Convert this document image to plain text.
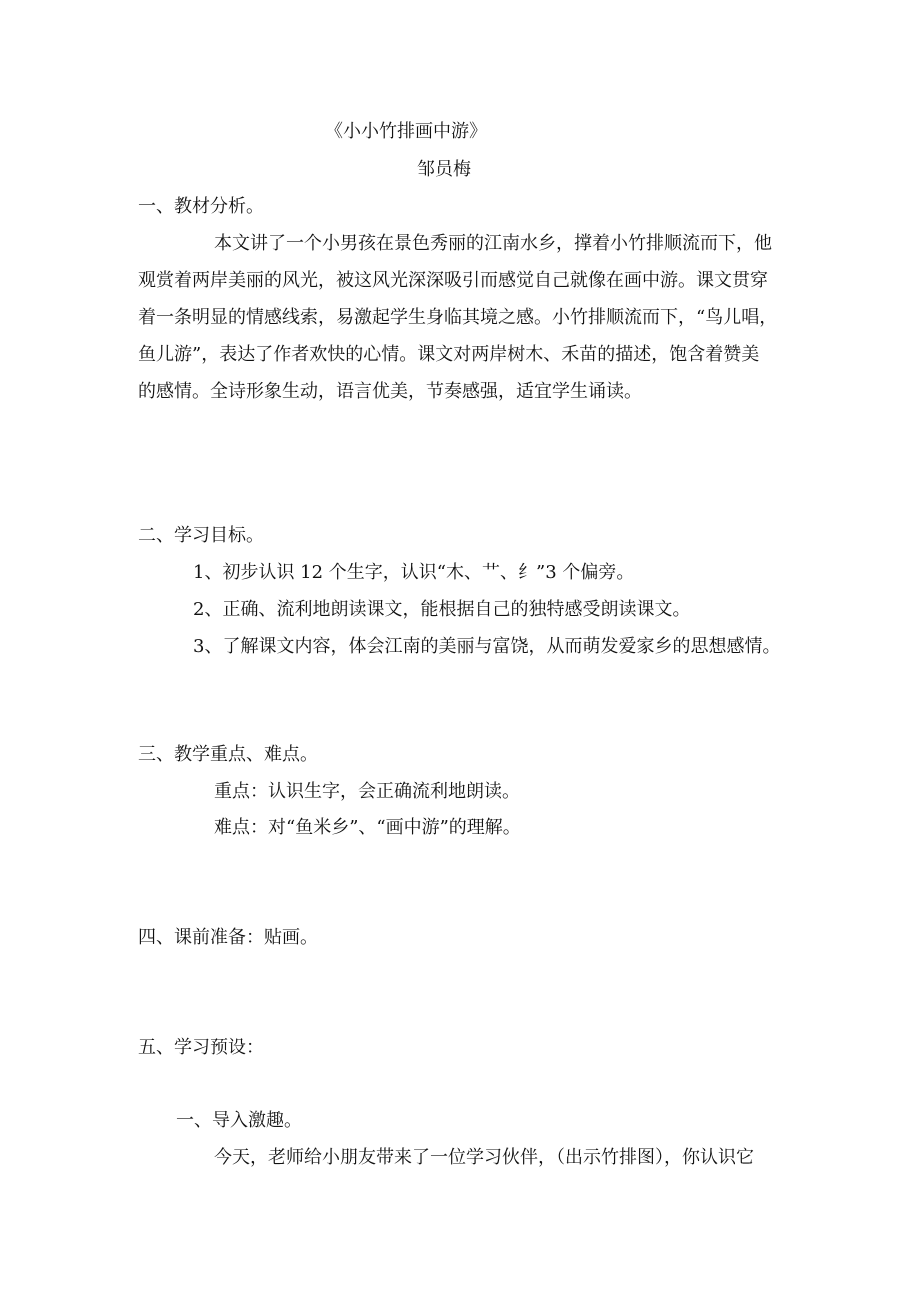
《小小竹排画中游》

邹员梅

一、教材分析。

本文讲了一个小男孩在景色秀丽的江南水乡，撑着小竹排顺流而下，他

观赏着两岸美丽的风光，被这风光深深吸引而感觉自己就像在画中游。课文贯穿

着一条明显的情感线索，易激起学生身临其境之感。小竹排顺流而下，“鸟儿唱，

鱼儿游”，表达了作者欢快的心情。课文对两岸树木、禾苗的描述，饱含着赞美

的感情。全诗形象生动，语言优美，节奏感强，适宜学生诵读。

二、学习目标。

1、初步认识 12 个生字，认识“木、艹、纟”3 个偏旁。

2、正确、流利地朗读课文，能根据自己的独特感受朗读课文。

3、了解课文内容，体会江南的美丽与富饶，从而萌发爱家乡的思想感情。

三、教学重点、难点。

重点：认识生字，会正确流利地朗读。

难点：对“鱼米乡”、“画中游”的理解。

四、课前准备：贴画。

五、学习预设：

一、导入激趣。

今天，老师给小朋友带来了一位学习伙伴，（出示竹排图），你认识它
